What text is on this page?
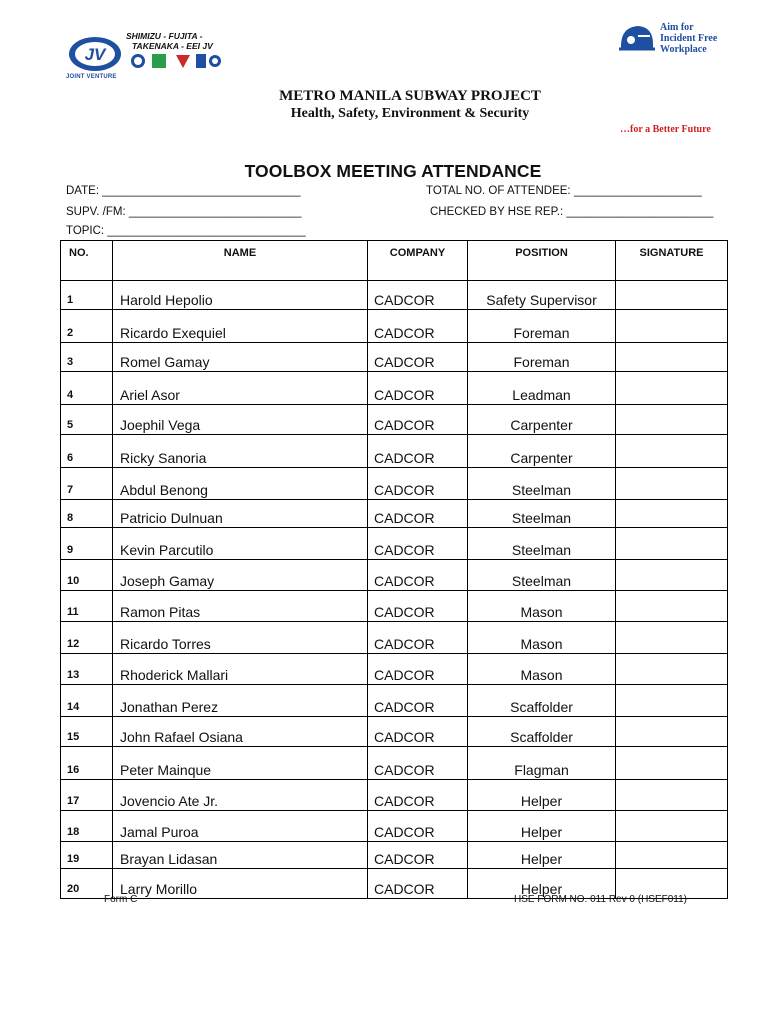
JV
JOINT VENTURE
SHIMIZU - FUJITA -
TAKENAKA - EEI JV
Aim for
Incident Free
Workplace
METRO MANILA SUBWAY PROJECT
Health, Safety, Environment & Security
…for a Better Future
TOOLBOX MEETING ATTENDANCE
DATE: _______________________________
SUPV. /FM: ___________________________
TOPIC: _______________________________
TOTAL NO. OF ATTENDEE: ____________________
CHECKED BY HSE REP.: _______________________
NO.	NAME	COMPANY	POSITION	SIGNATURE
1	Harold Hepolio	CADCOR	Safety Supervisor	
2	Ricardo Exequiel	CADCOR	Foreman	
3	Romel Gamay	CADCOR	Foreman	
4	Ariel Asor	CADCOR	Leadman	
5	Joephil Vega	CADCOR	Carpenter	
6	Ricky Sanoria	CADCOR	Carpenter	
7	Abdul Benong	CADCOR	Steelman	
8	Patricio Dulnuan	CADCOR	Steelman	
9	Kevin Parcutilo	CADCOR	Steelman	
10	Joseph Gamay	CADCOR	Steelman	
11	Ramon Pitas	CADCOR	Mason	
12	Ricardo Torres	CADCOR	Mason	
13	Rhoderick Mallari	CADCOR	Mason	
14	Jonathan Perez	CADCOR	Scaffolder	
15	John Rafael Osiana	CADCOR	Scaffolder	
16	Peter Mainque	CADCOR	Flagman	
17	Jovencio Ate Jr.	CADCOR	Helper	
18	Jamal Puroa	CADCOR	Helper	
19	Brayan Lidasan	CADCOR	Helper	
20	Larry Morillo	CADCOR	Helper	
Form C	HSE FORM NO. 011 Rev 0 (HSEF011)
